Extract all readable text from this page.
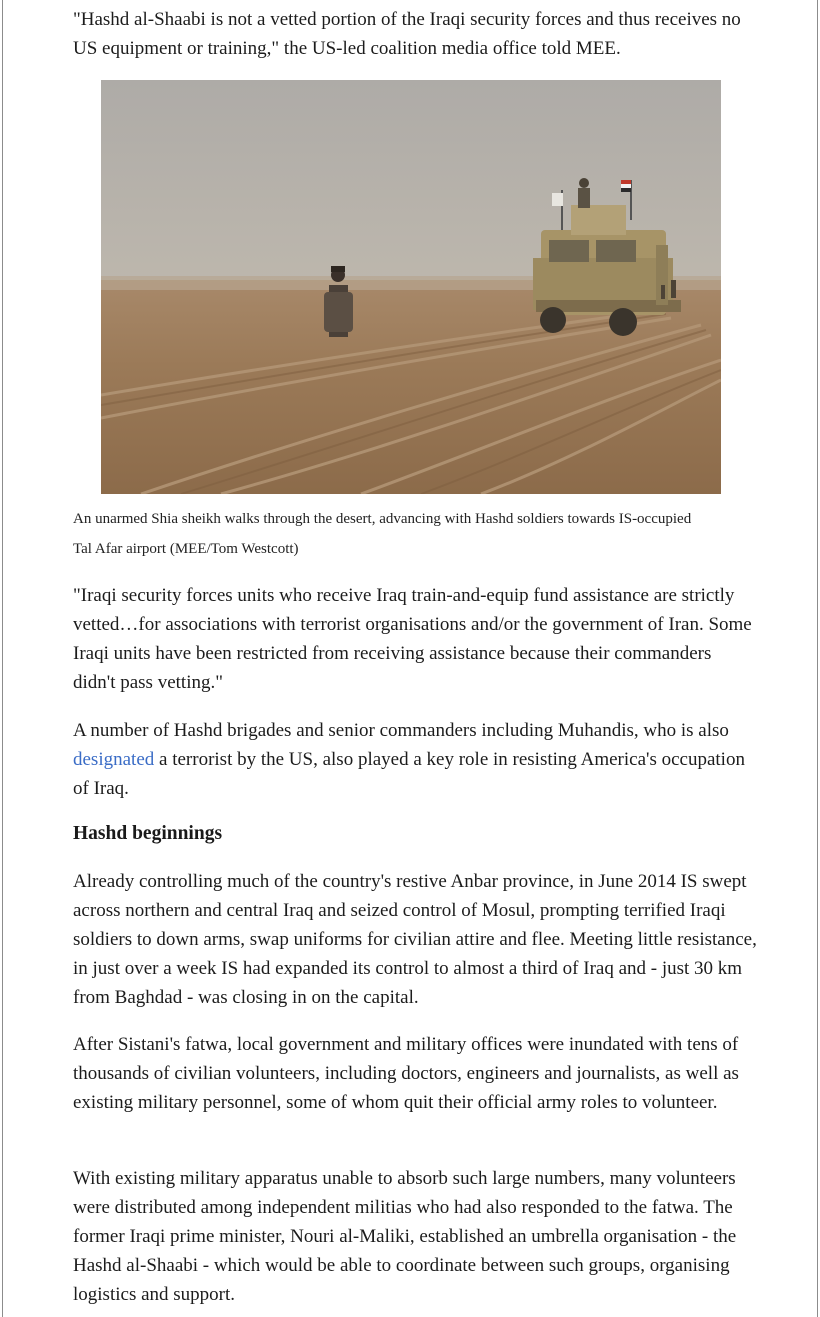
"Hashd al-Shaabi is not a vetted portion of the Iraqi security forces and thus receives no US equipment or training," the US-led coalition media office told MEE.

An unarmed Shia sheikh walks through the desert, advancing with Hashd soldiers towards IS-occupied Tal Afar airport (MEE/Tom Westcott)

"Iraqi security forces units who receive Iraq train-and-equip fund assistance are strictly vetted…for associations with terrorist organisations and/or the government of Iran. Some Iraqi units have been restricted from receiving assistance because their commanders didn't pass vetting."

A number of Hashd brigades and senior commanders including Muhandis, who is also designated a terrorist by the US, also played a key role in resisting America's occupation of Iraq.

Hashd beginnings

Already controlling much of the country's restive Anbar province, in June 2014 IS swept across northern and central Iraq and seized control of Mosul, prompting terrified Iraqi soldiers to down arms, swap uniforms for civilian attire and flee. Meeting little resistance, in just over a week IS had expanded its control to almost a third of Iraq and - just 30 km from Baghdad - was closing in on the capital.

After Sistani's fatwa, local government and military offices were inundated with tens of thousands of civilian volunteers, including doctors, engineers and journalists, as well as existing military personnel, some of whom quit their official army roles to volunteer.

With existing military apparatus unable to absorb such large numbers, many volunteers were distributed among independent militias who had also responded to the fatwa. The former Iraqi prime minister, Nouri al-Maliki, established an umbrella organisation - the Hashd al-Shaabi - which would be able to coordinate between such groups, organising logistics and support.
